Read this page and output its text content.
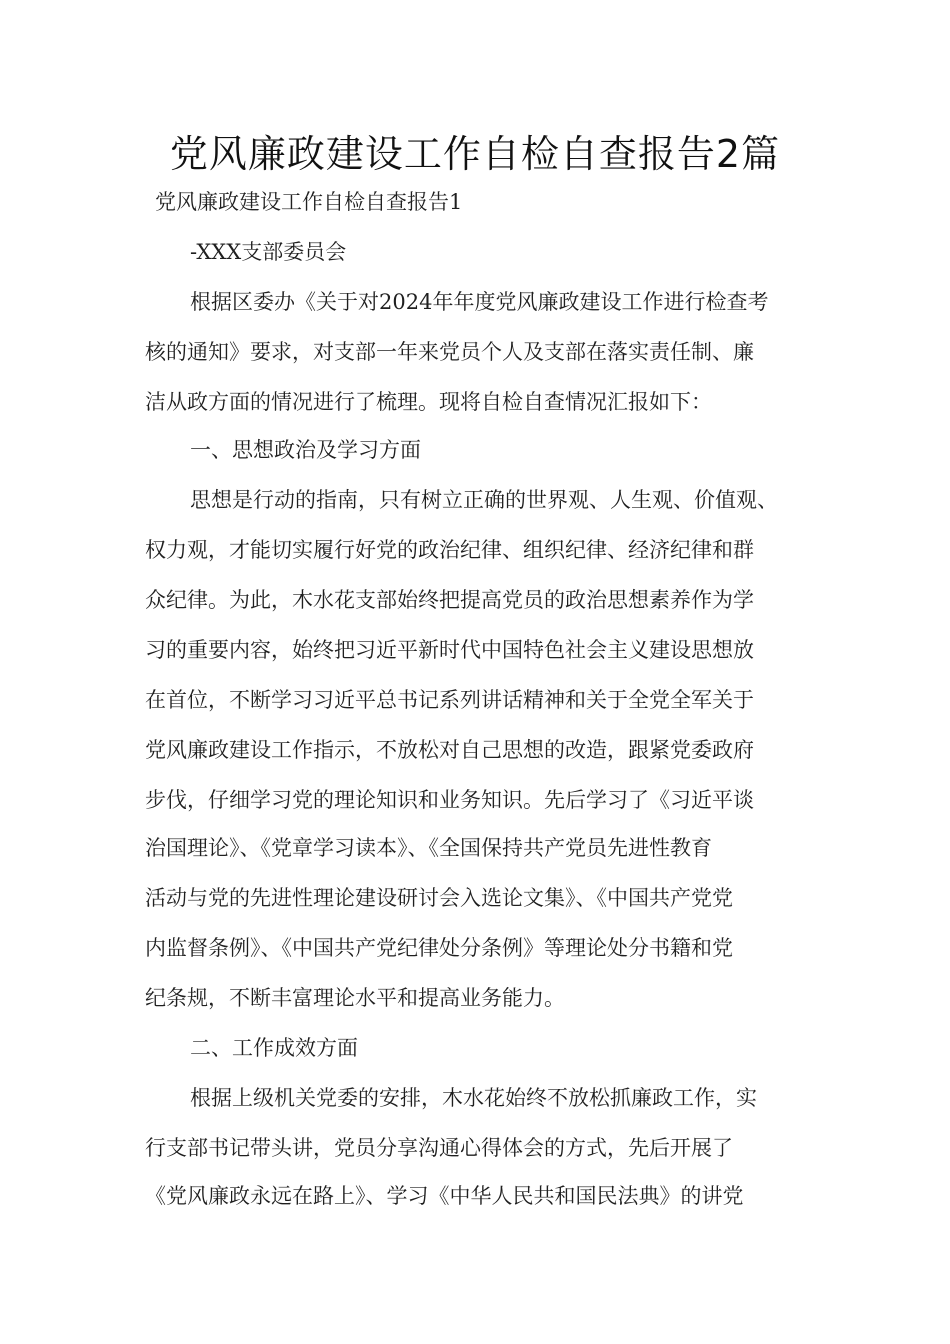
党风廉政建设工作自检自查报告2篇
党风廉政建设工作自检自查报告1
-XXX支部委员会
根据区委办《关于对2024年年度党风廉政建设工作进行检查考
核的通知》要求，对支部一年来党员个人及支部在落实责任制、廉
洁从政方面的情况进行了梳理。现将自检自查情况汇报如下：
一、思想政治及学习方面
思想是行动的指南，只有树立正确的世界观、人生观、价值观、
权力观，才能切实履行好党的政治纪律、组织纪律、经济纪律和群
众纪律。为此，木水花支部始终把提高党员的政治思想素养作为学
习的重要内容，始终把习近平新时代中国特色社会主义建设思想放
在首位，不断学习习近平总书记系列讲话精神和关于全党全军关于
党风廉政建设工作指示，不放松对自己思想的改造，跟紧党委政府
步伐，仔细学习党的理论知识和业务知识。先后学习了《习近平谈
治国理论》、《党章学习读本》、《全国保持共产党员先进性教育
活动与党的先进性理论建设研讨会入选论文集》、《中国共产党党
内监督条例》、《中国共产党纪律处分条例》等理论处分书籍和党
纪条规，不断丰富理论水平和提高业务能力。
二、工作成效方面
根据上级机关党委的安排，木水花始终不放松抓廉政工作，实
行支部书记带头讲，党员分享沟通心得体会的方式，先后开展了
《党风廉政永远在路上》、学习《中华人民共和国民法典》的讲党
